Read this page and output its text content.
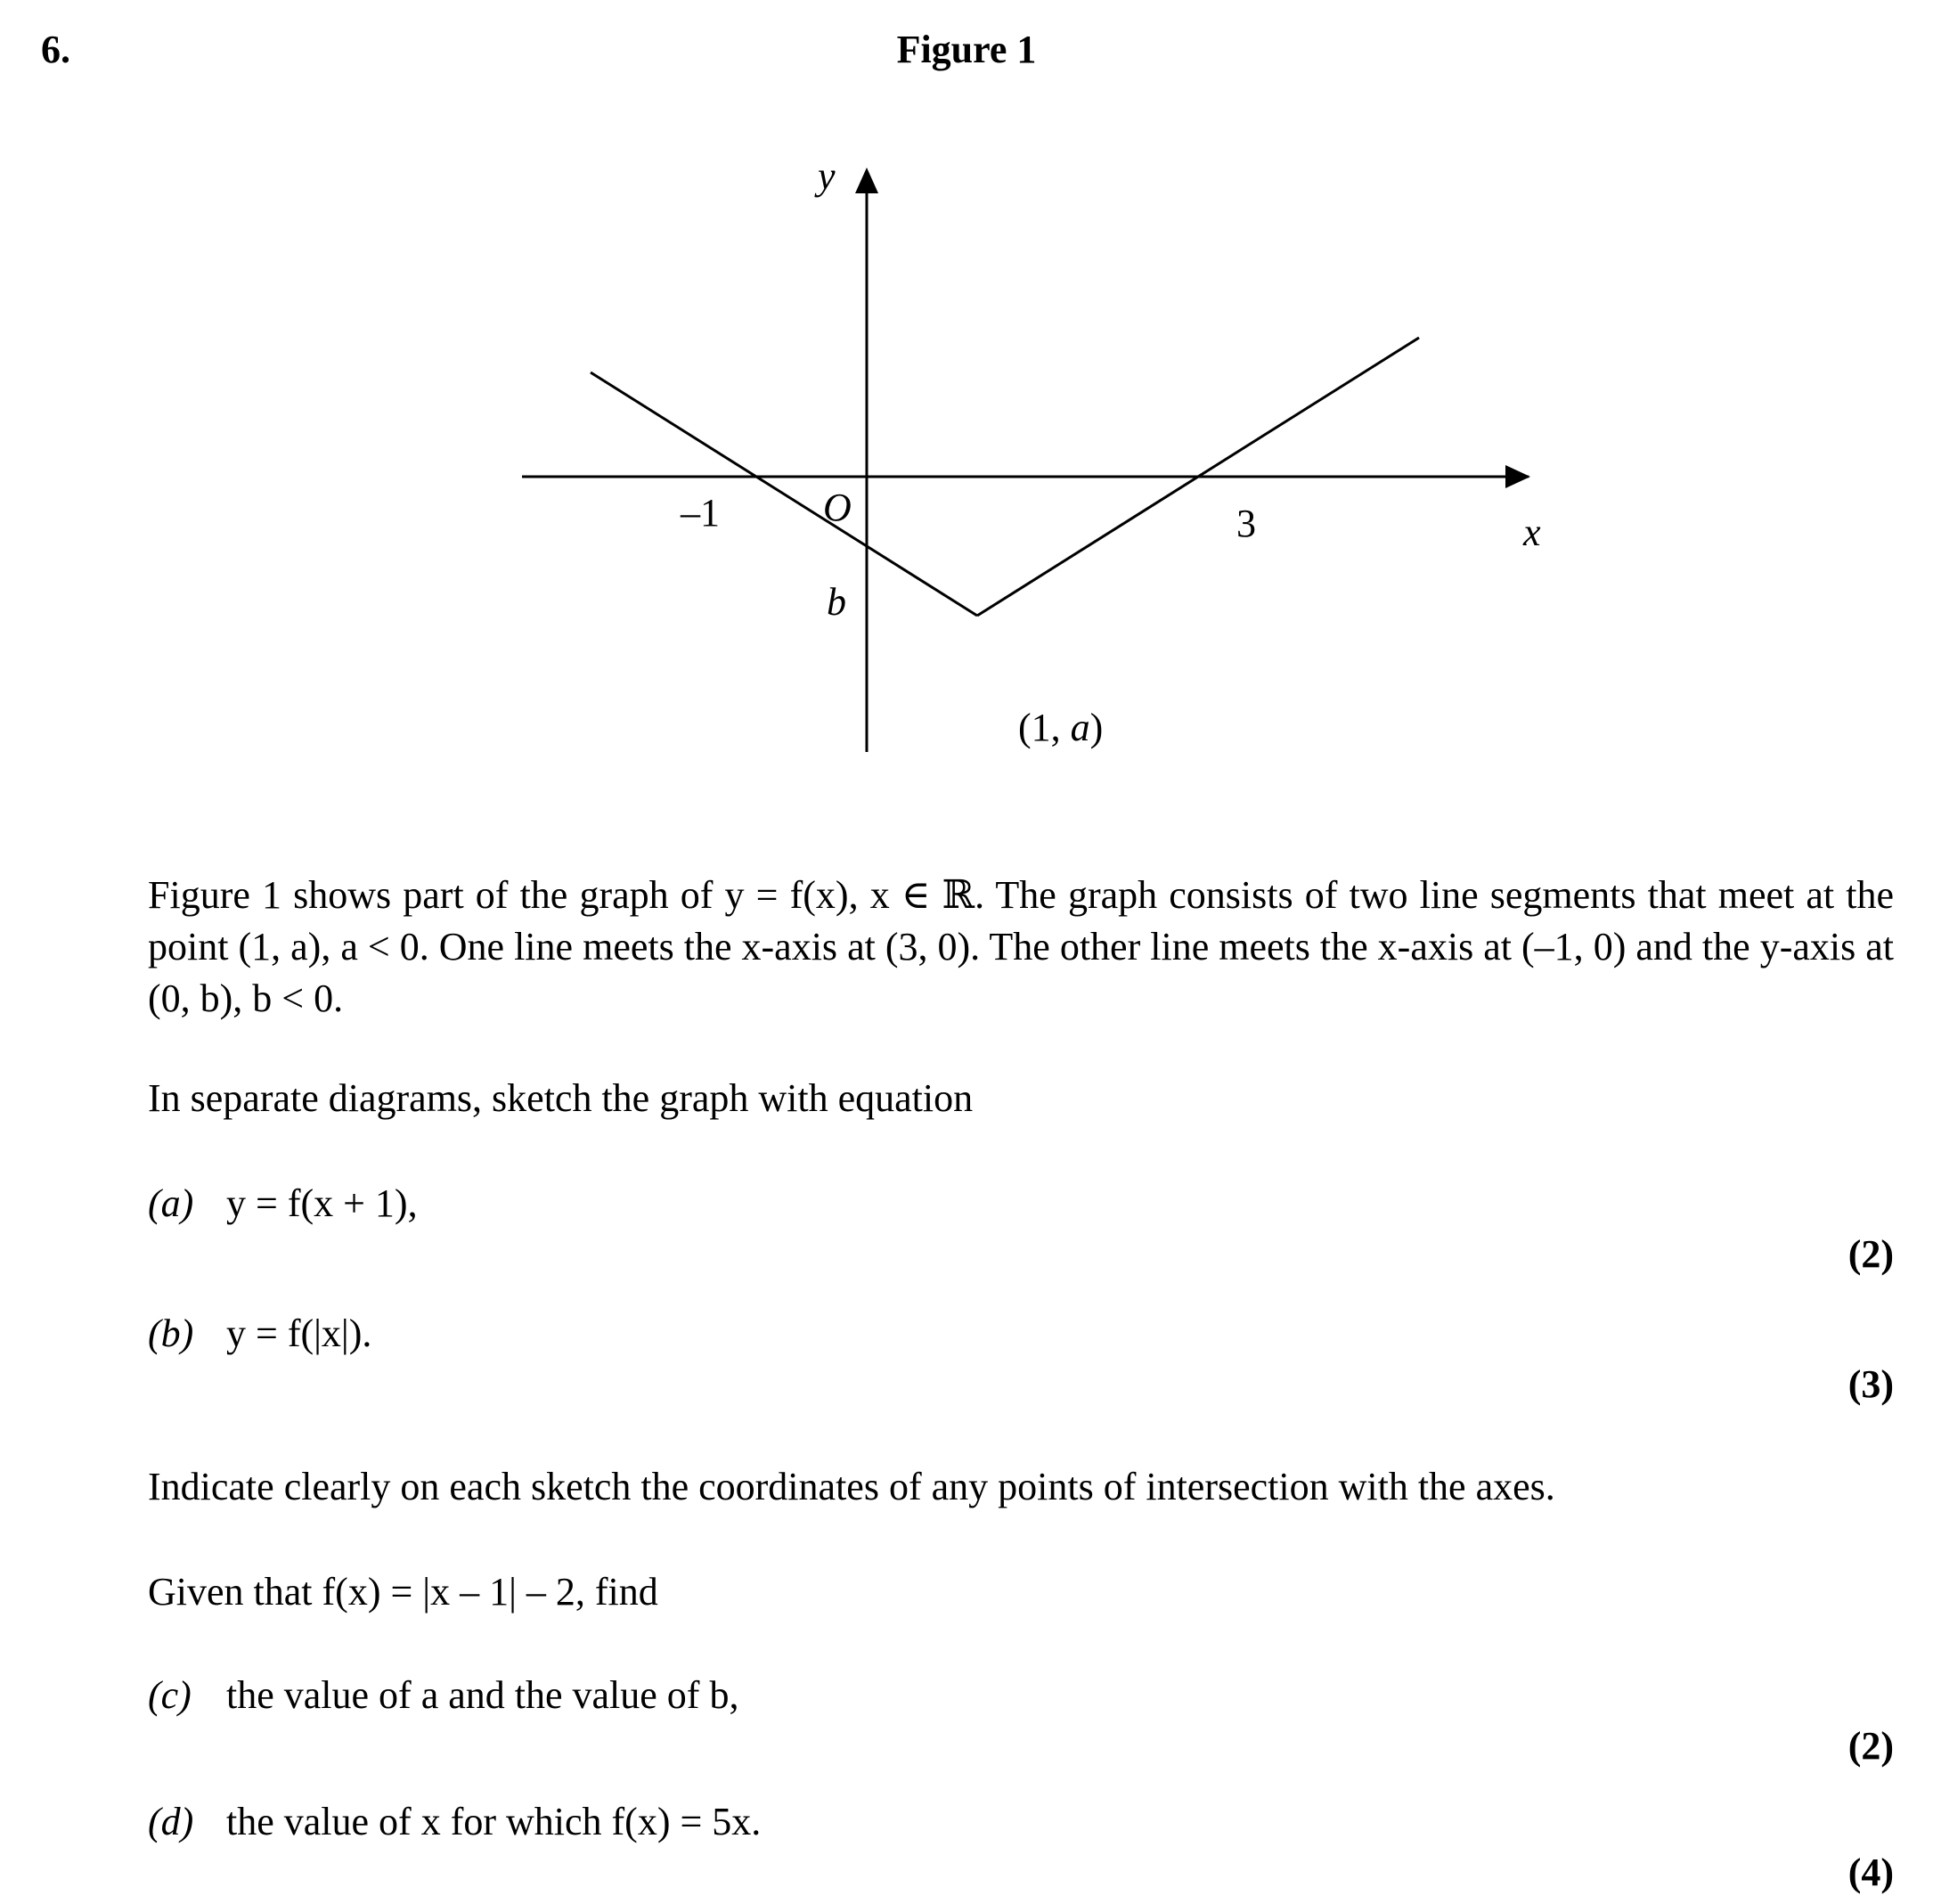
6.	Figure 1
y
x
O
–1	3
b
(1, a)
Figure 1 shows part of the graph of y = f(x), x ∈ ℝ. The graph consists of two line segments that meet at the point (1, a), a < 0. One line meets the x-axis at (3, 0). The other line meets the x-axis at (–1, 0) and the y-axis at (0, b), b < 0.
In separate diagrams, sketch the graph with equation
(a) y = f(x + 1),
(2)
(b) y = f(|x|).
(3)
Indicate clearly on each sketch the coordinates of any points of intersection with the axes.
Given that f(x) = |x – 1| – 2, find
(c) the value of a and the value of b,
(2)
(d) the value of x for which f(x) = 5x.
(4)
